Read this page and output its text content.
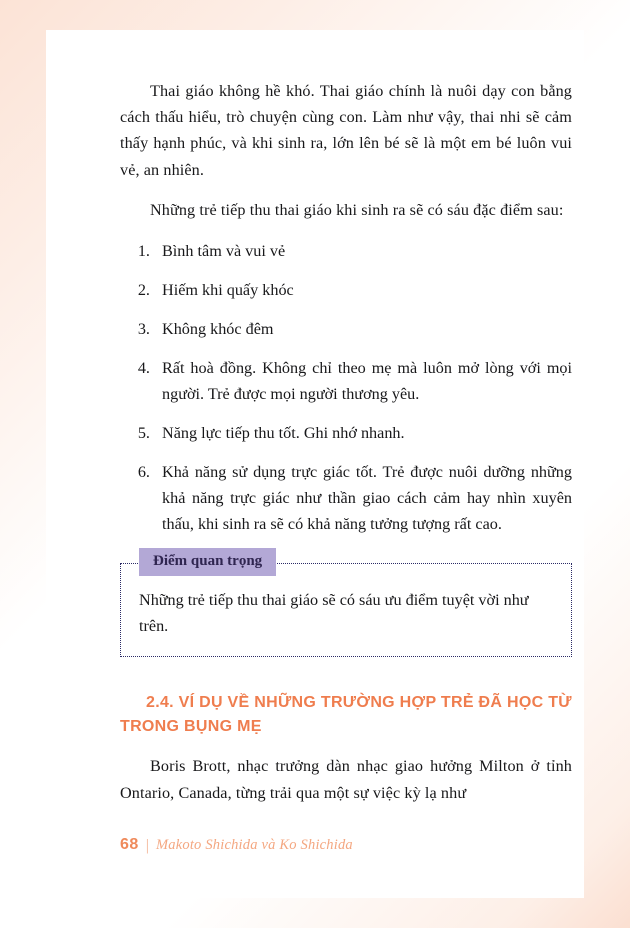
Thai giáo không hề khó. Thai giáo chính là nuôi dạy con bằng cách thấu hiểu, trò chuyện cùng con. Làm như vậy, thai nhi sẽ cảm thấy hạnh phúc, và khi sinh ra, lớn lên bé sẽ là một em bé luôn vui vẻ, an nhiên.

Những trẻ tiếp thu thai giáo khi sinh ra sẽ có sáu đặc điểm sau:

1. Bình tâm và vui vẻ
2. Hiếm khi quấy khóc
3. Không khóc đêm
4. Rất hoà đồng. Không chỉ theo mẹ mà luôn mở lòng với mọi người. Trẻ được mọi người thương yêu.
5. Năng lực tiếp thu tốt. Ghi nhớ nhanh.
6. Khả năng sử dụng trực giác tốt. Trẻ được nuôi dưỡng những khả năng trực giác như thần giao cách cảm hay nhìn xuyên thấu, khi sinh ra sẽ có khả năng tưởng tượng rất cao.
Điểm quan trọng

Những trẻ tiếp thu thai giáo sẽ có sáu ưu điểm tuyệt vời như trên.

2.4. VÍ DỤ VỀ NHỮNG TRƯỜNG HỢP TRẺ ĐÃ HỌC TỪ TRONG BỤNG MẸ

Boris Brott, nhạc trưởng dàn nhạc giao hưởng Milton ở tỉnh Ontario, Canada, từng trải qua một sự việc kỳ lạ như

68 | Makoto Shichida và Ko Shichida
